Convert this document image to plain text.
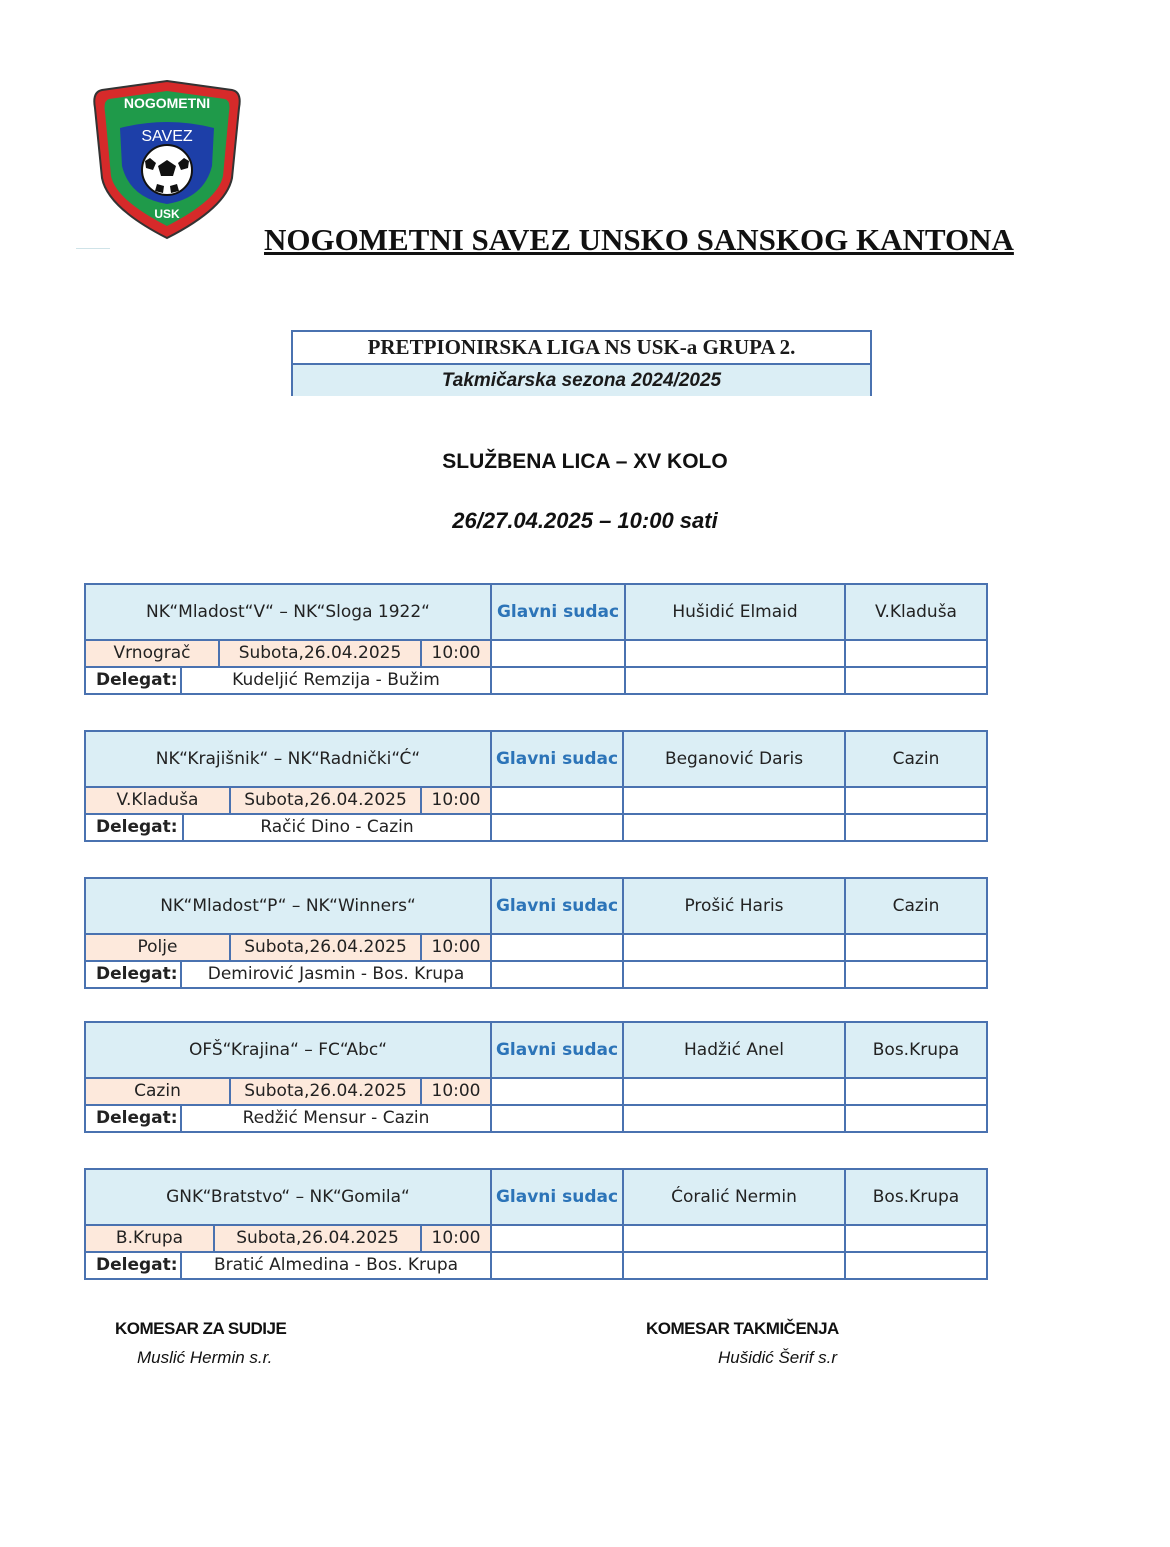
NOGOMETNI
SAVEZ
USK
NOGOMETNI SAVEZ UNSKO SANSKOG KANTONA
PRETPIONIRSKA LIGA NS USK-a GRUPA 2.
Takmičarska sezona 2024/2025
SLUŽBENA LICA – XV KOLO
26/27.04.2025 – 10:00 sati
NK“Mladost“V“ – NK“Sloga 1922“	Glavni sudac	Hušidić Elmaid	V.Kladuša

Vrnograč Subota,26.04.2025 10:00			

Delegat: Kudeljić Remzija - Bužim			

NK“Krajišnik“ – NK“Radnički“Ć“	Glavni sudac	Beganović Daris	Cazin

V.Kladuša Subota,26.04.2025 10:00			

Delegat: Račić Dino - Cazin			

NK“Mladost“P“ – NK“Winners“	Glavni sudac	Prošić Haris	Cazin

Polje Subota,26.04.2025 10:00			

Delegat: Demirović Jasmin - Bos. Krupa			

OFŠ“Krajina“ – FC“Abc“	Glavni sudac	Hadžić Anel	Bos.Krupa

Cazin Subota,26.04.2025 10:00			

Delegat: Redžić Mensur - Cazin			

GNK“Bratstvo“ – NK“Gomila“	Glavni sudac	Ćoralić Nermin	Bos.Krupa

B.Krupa Subota,26.04.2025 10:00			

Delegat: Bratić Almedina - Bos. Krupa			

KOMESAR ZA SUDIJE
Muslić Hermin s.r.
KOMESAR TAKMIČENJA
Hušidić Šerif s.r
